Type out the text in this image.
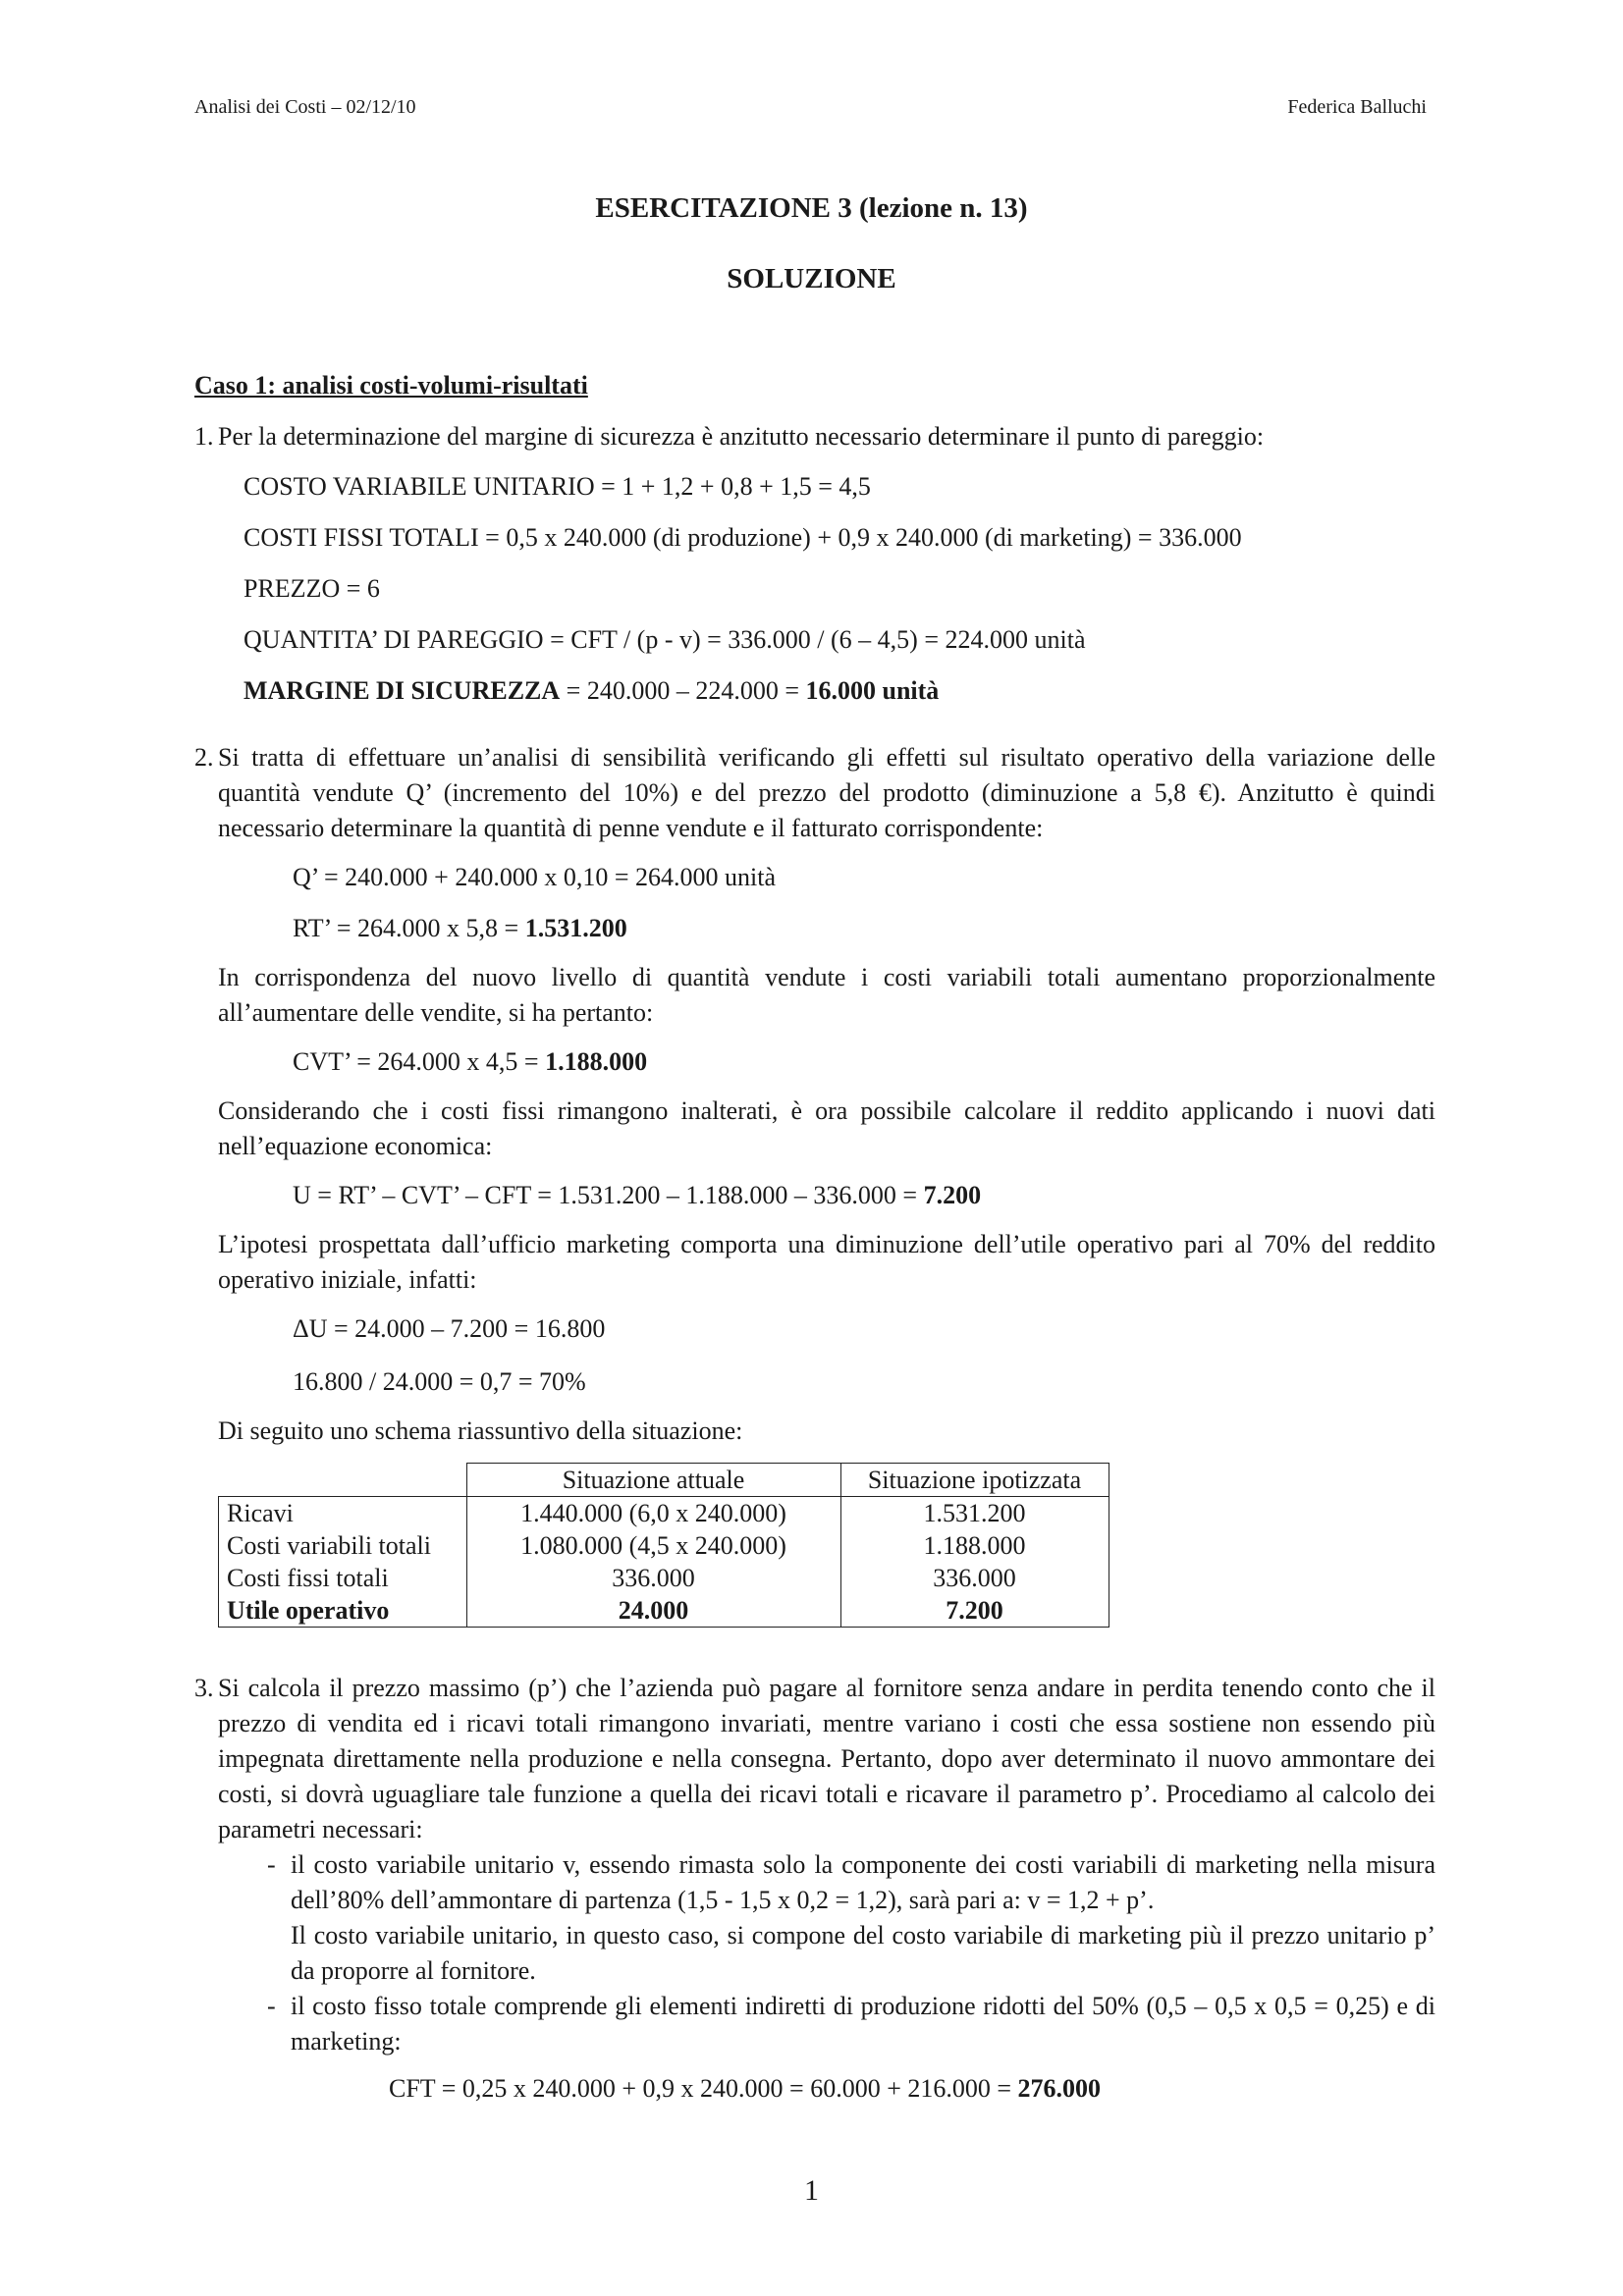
Analisi dei Costi – 02/12/10	Federica Balluchi
ESERCITAZIONE 3 (lezione n. 13)
SOLUZIONE
Caso 1: analisi costi-volumi-risultati
1. Per la determinazione del margine di sicurezza è anzitutto necessario determinare il punto di pareggio:
COSTO VARIABILE UNITARIO = 1 + 1,2 + 0,8 + 1,5 = 4,5
COSTI FISSI TOTALI = 0,5 x 240.000 (di produzione) + 0,9 x 240.000 (di marketing) = 336.000
PREZZO = 6
QUANTITA’ DI PAREGGIO = CFT / (p - v) = 336.000 / (6 – 4,5) = 224.000 unità
MARGINE DI SICUREZZA = 240.000 – 224.000 = 16.000 unità
2. Si tratta di effettuare un’analisi di sensibilità verificando gli effetti sul risultato operativo della variazione delle quantità vendute Q’ (incremento del 10%) e del prezzo del prodotto (diminuzione a 5,8 €). Anzitutto è quindi necessario determinare la quantità di penne vendute e il fatturato corrispondente:
Q’ = 240.000 + 240.000 x 0,10 = 264.000 unità
RT’ = 264.000 x 5,8 = 1.531.200
In corrispondenza del nuovo livello di quantità vendute i costi variabili totali aumentano proporzionalmente all’aumentare delle vendite, si ha pertanto:
CVT’ = 264.000 x 4,5 = 1.188.000
Considerando che i costi fissi rimangono inalterati, è ora possibile calcolare il reddito applicando i nuovi dati nell’equazione economica:
U = RT’ – CVT’ – CFT = 1.531.200 – 1.188.000 – 336.000 = 7.200
L’ipotesi prospettata dall’ufficio marketing comporta una diminuzione dell’utile operativo pari al 70% del reddito operativo iniziale, infatti:
ΔU = 24.000 – 7.200 = 16.800
16.800 / 24.000 = 0,7 = 70%
Di seguito uno schema riassuntivo della situazione:
	Situazione attuale	Situazione ipotizzata
Ricavi	1.440.000 (6,0 x 240.000)	1.531.200
Costi variabili totali	1.080.000 (4,5 x 240.000)	1.188.000
Costi fissi totali	336.000	336.000
Utile operativo	24.000	7.200
3. Si calcola il prezzo massimo (p’) che l’azienda può pagare al fornitore senza andare in perdita tenendo conto che il prezzo di vendita ed i ricavi totali rimangono invariati, mentre variano i costi che essa sostiene non essendo più impegnata direttamente nella produzione e nella consegna. Pertanto, dopo aver determinato il nuovo ammontare dei costi, si dovrà uguagliare tale funzione a quella dei ricavi totali e ricavare il parametro p’. Procediamo al calcolo dei parametri necessari:
- il costo variabile unitario v, essendo rimasta solo la componente dei costi variabili di marketing nella misura dell’80% dell’ammontare di partenza (1,5 - 1,5 x 0,2 = 1,2), sarà pari a: v = 1,2 + p’.
Il costo variabile unitario, in questo caso, si compone del costo variabile di marketing più il prezzo unitario p’ da proporre al fornitore.
- il costo fisso totale comprende gli elementi indiretti di produzione ridotti del 50% (0,5 – 0,5 x 0,5 = 0,25) e di marketing:
CFT = 0,25 x 240.000 + 0,9 x 240.000 = 60.000 + 216.000 = 276.000
1
